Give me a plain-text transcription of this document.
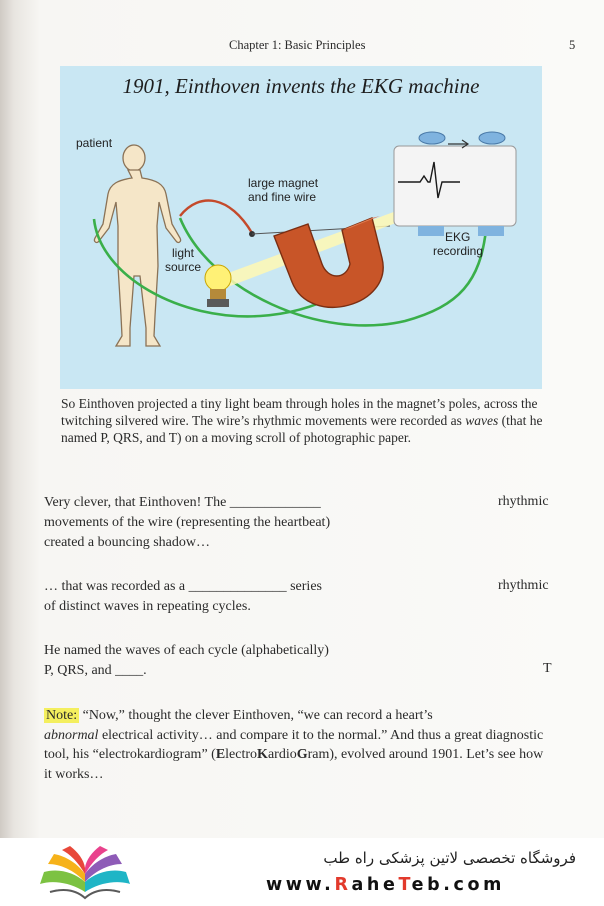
Chapter 1: Basic Principles	5
1901, Einthoven invents the EKG machine
patient
large magnet
and fine wire
light
source
EKG
recording
So Einthoven projected a tiny light beam through holes in the magnet’s poles, across the twitching silvered wire. The wire’s rhythmic movements were recorded as waves (that he named P, QRS, and T) on a moving scroll of photographic paper.
Very clever, that Einthoven! The _____________
movements of the wire (representing the heartbeat)
created a bouncing shadow…
rhythmic
… that was recorded as a ______________ series
of distinct waves in repeating cycles.
rhythmic
He named the waves of each cycle (alphabetically)
P, QRS, and ____.	T
Note: “Now,” thought the clever Einthoven, “we can record a heart’s
abnormal electrical activity… and compare it to the normal.” And thus a great diagnostic tool, his “electrokardiogram” (ElectroKardioGram), evolved around 1901. Let’s see how it works…
فروشگاه تخصصی لاتین پزشکی راه طب
www.RaheTeb.com
